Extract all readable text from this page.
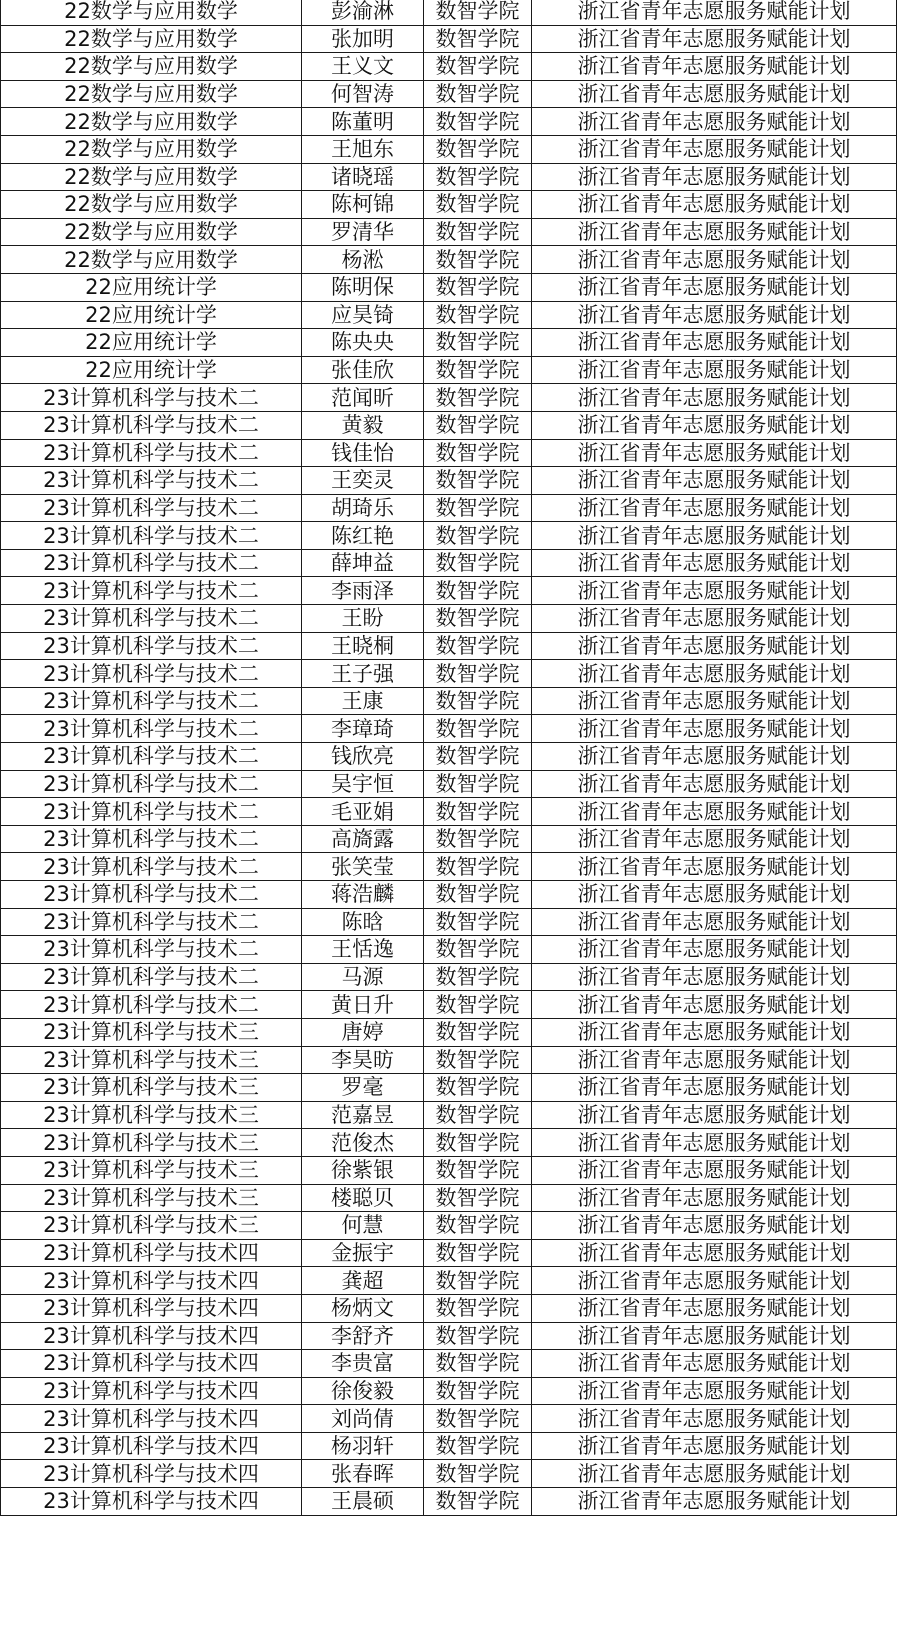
22数学与应用数学	彭渝淋	数智学院	浙江省青年志愿服务赋能计划
22数学与应用数学	张加明	数智学院	浙江省青年志愿服务赋能计划
22数学与应用数学	王义文	数智学院	浙江省青年志愿服务赋能计划
22数学与应用数学	何智涛	数智学院	浙江省青年志愿服务赋能计划
22数学与应用数学	陈董明	数智学院	浙江省青年志愿服务赋能计划
22数学与应用数学	王旭东	数智学院	浙江省青年志愿服务赋能计划
22数学与应用数学	诸晓瑶	数智学院	浙江省青年志愿服务赋能计划
22数学与应用数学	陈柯锦	数智学院	浙江省青年志愿服务赋能计划
22数学与应用数学	罗清华	数智学院	浙江省青年志愿服务赋能计划
22数学与应用数学	杨淞	数智学院	浙江省青年志愿服务赋能计划
22应用统计学	陈明保	数智学院	浙江省青年志愿服务赋能计划
22应用统计学	应昊锜	数智学院	浙江省青年志愿服务赋能计划
22应用统计学	陈央央	数智学院	浙江省青年志愿服务赋能计划
22应用统计学	张佳欣	数智学院	浙江省青年志愿服务赋能计划
23计算机科学与技术二	范闻昕	数智学院	浙江省青年志愿服务赋能计划
23计算机科学与技术二	黄毅	数智学院	浙江省青年志愿服务赋能计划
23计算机科学与技术二	钱佳怡	数智学院	浙江省青年志愿服务赋能计划
23计算机科学与技术二	王奕灵	数智学院	浙江省青年志愿服务赋能计划
23计算机科学与技术二	胡琦乐	数智学院	浙江省青年志愿服务赋能计划
23计算机科学与技术二	陈红艳	数智学院	浙江省青年志愿服务赋能计划
23计算机科学与技术二	薛坤益	数智学院	浙江省青年志愿服务赋能计划
23计算机科学与技术二	李雨泽	数智学院	浙江省青年志愿服务赋能计划
23计算机科学与技术二	王盼	数智学院	浙江省青年志愿服务赋能计划
23计算机科学与技术二	王晓桐	数智学院	浙江省青年志愿服务赋能计划
23计算机科学与技术二	王子强	数智学院	浙江省青年志愿服务赋能计划
23计算机科学与技术二	王康	数智学院	浙江省青年志愿服务赋能计划
23计算机科学与技术二	李璋琦	数智学院	浙江省青年志愿服务赋能计划
23计算机科学与技术二	钱欣亮	数智学院	浙江省青年志愿服务赋能计划
23计算机科学与技术二	吴宇恒	数智学院	浙江省青年志愿服务赋能计划
23计算机科学与技术二	毛亚娟	数智学院	浙江省青年志愿服务赋能计划
23计算机科学与技术二	高旖露	数智学院	浙江省青年志愿服务赋能计划
23计算机科学与技术二	张笑莹	数智学院	浙江省青年志愿服务赋能计划
23计算机科学与技术二	蒋浩麟	数智学院	浙江省青年志愿服务赋能计划
23计算机科学与技术二	陈晗	数智学院	浙江省青年志愿服务赋能计划
23计算机科学与技术二	王恬逸	数智学院	浙江省青年志愿服务赋能计划
23计算机科学与技术二	马源	数智学院	浙江省青年志愿服务赋能计划
23计算机科学与技术二	黄日升	数智学院	浙江省青年志愿服务赋能计划
23计算机科学与技术三	唐婷	数智学院	浙江省青年志愿服务赋能计划
23计算机科学与技术三	李昊昉	数智学院	浙江省青年志愿服务赋能计划
23计算机科学与技术三	罗毫	数智学院	浙江省青年志愿服务赋能计划
23计算机科学与技术三	范嘉昱	数智学院	浙江省青年志愿服务赋能计划
23计算机科学与技术三	范俊杰	数智学院	浙江省青年志愿服务赋能计划
23计算机科学与技术三	徐紫银	数智学院	浙江省青年志愿服务赋能计划
23计算机科学与技术三	楼聪贝	数智学院	浙江省青年志愿服务赋能计划
23计算机科学与技术三	何慧	数智学院	浙江省青年志愿服务赋能计划
23计算机科学与技术四	金振宇	数智学院	浙江省青年志愿服务赋能计划
23计算机科学与技术四	龚超	数智学院	浙江省青年志愿服务赋能计划
23计算机科学与技术四	杨炳文	数智学院	浙江省青年志愿服务赋能计划
23计算机科学与技术四	李舒齐	数智学院	浙江省青年志愿服务赋能计划
23计算机科学与技术四	李贵富	数智学院	浙江省青年志愿服务赋能计划
23计算机科学与技术四	徐俊毅	数智学院	浙江省青年志愿服务赋能计划
23计算机科学与技术四	刘尚倩	数智学院	浙江省青年志愿服务赋能计划
23计算机科学与技术四	杨羽轩	数智学院	浙江省青年志愿服务赋能计划
23计算机科学与技术四	张春晖	数智学院	浙江省青年志愿服务赋能计划
23计算机科学与技术四	王晨硕	数智学院	浙江省青年志愿服务赋能计划
